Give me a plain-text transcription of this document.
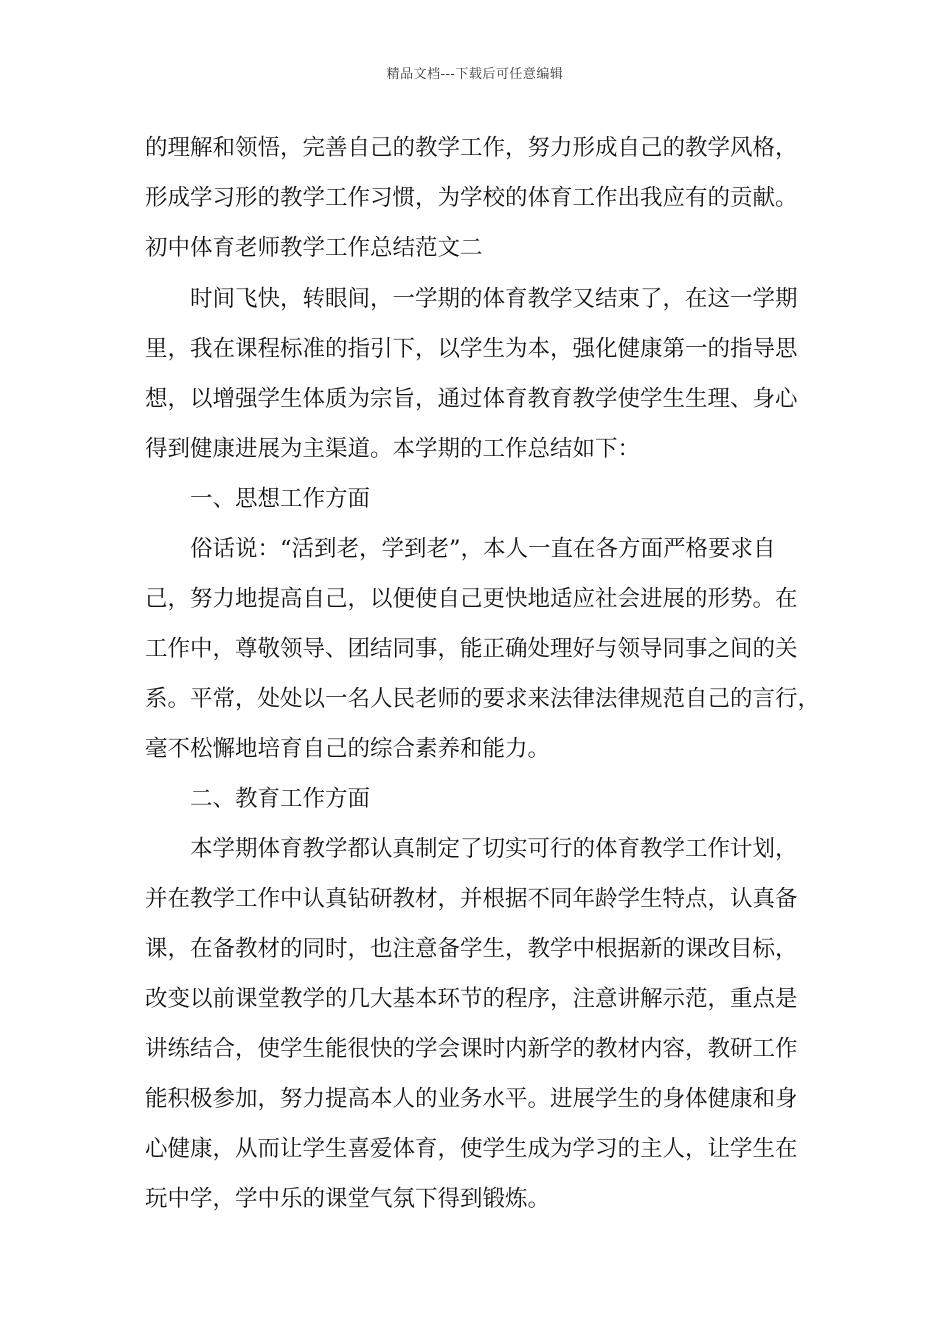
精品文档---下载后可任意编辑
的理解和领悟，完善自己的教学工作，努力形成自己的教学风格，
形成学习形的教学工作习惯，为学校的体育工作出我应有的贡献。
初中体育老师教学工作总结范文二
时间飞快，转眼间，一学期的体育教学又结束了，在这一学期
里，我在课程标准的指引下，以学生为本，强化健康第一的指导思
想，以增强学生体质为宗旨，通过体育教育教学使学生生理、身心
得到健康进展为主渠道。本学期的工作总结如下：
一、思想工作方面
俗话说：“活到老，学到老”，本人一直在各方面严格要求自
己，努力地提高自己，以便使自己更快地适应社会进展的形势。在
工作中，尊敬领导、团结同事，能正确处理好与领导同事之间的关
系。平常，处处以一名人民老师的要求来法律法律规范自己的言行，
毫不松懈地培育自己的综合素养和能力。
二、教育工作方面
本学期体育教学都认真制定了切实可行的体育教学工作计划，
并在教学工作中认真钻研教材，并根据不同年龄学生特点，认真备
课，在备教材的同时，也注意备学生，教学中根据新的课改目标，
改变以前课堂教学的几大基本环节的程序，注意讲解示范，重点是
讲练结合，使学生能很快的学会课时内新学的教材内容，教研工作
能积极参加，努力提高本人的业务水平。进展学生的身体健康和身
心健康，从而让学生喜爱体育，使学生成为学习的主人，让学生在
玩中学，学中乐的课堂气氛下得到锻炼。
